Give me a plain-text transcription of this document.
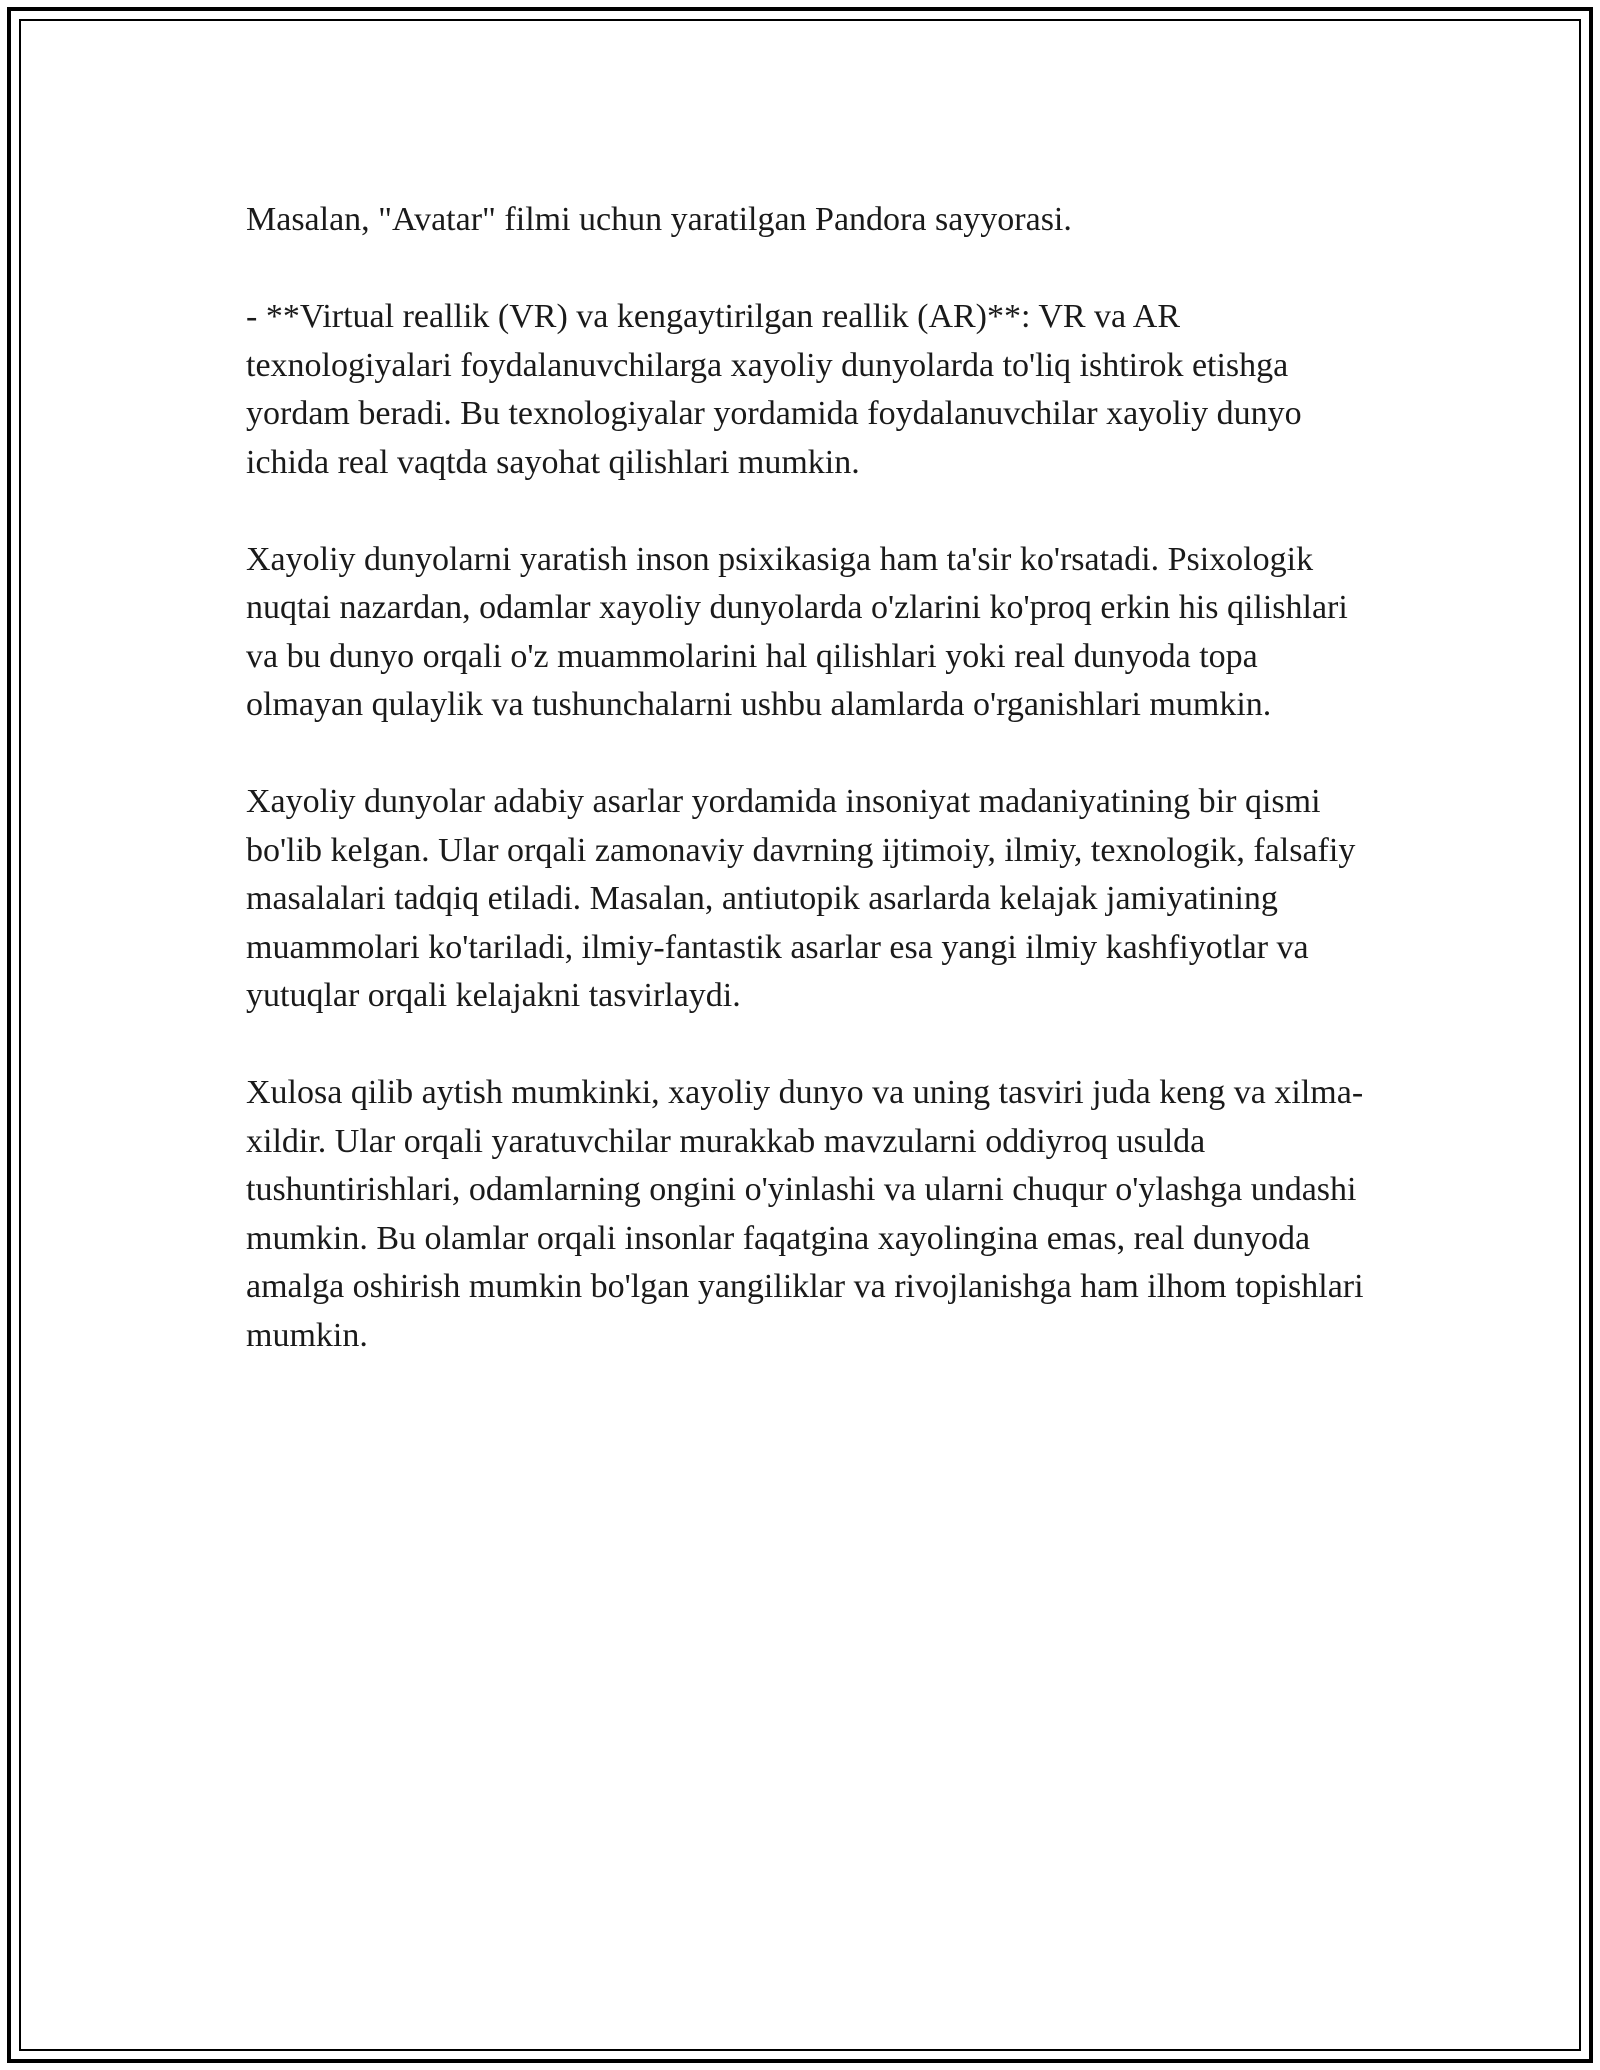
Masalan, "Avatar" filmi uchun yaratilgan Pandora sayyorasi.

- **Virtual reallik (VR) va kengaytirilgan reallik (AR)**: VR va AR texnologiyalari foydalanuvchilarga xayoliy dunyolarda to'liq ishtirok etishga yordam beradi. Bu texnologiyalar yordamida foydalanuvchilar xayoliy dunyo ichida real vaqtda sayohat qilishlari mumkin.

Xayoliy dunyolarni yaratish inson psixikasiga ham ta'sir ko'rsatadi. Psixologik nuqtai nazardan, odamlar xayoliy dunyolarda o'zlarini ko'proq erkin his qilishlari va bu dunyo orqali o'z muammolarini hal qilishlari yoki real dunyoda topa olmayan qulaylik va tushunchalarni ushbu alamlarda o'rganishlari mumkin.

Xayoliy dunyolar adabiy asarlar yordamida insoniyat madaniyatining bir qismi bo'lib kelgan. Ular orqali zamonaviy davrning ijtimoiy, ilmiy, texnologik, falsafiy masalalari tadqiq etiladi. Masalan, antiutopik asarlarda kelajak jamiyatining muammolari ko'tariladi, ilmiy-fantastik asarlar esa yangi ilmiy kashfiyotlar va yutuqlar orqali kelajakni tasvirlaydi.

Xulosa qilib aytish mumkinki, xayoliy dunyo va uning tasviri juda keng va xilma-xildir. Ular orqali yaratuvchilar murakkab mavzularni oddiyroq usulda tushuntirishlari, odamlarning ongini o'yinlashi va ularni chuqur o'ylashga undashi mumkin. Bu olamlar orqali insonlar faqatgina xayolingina emas, real dunyoda amalga oshirish mumkin bo'lgan yangiliklar va rivojlanishga ham ilhom topishlari mumkin.
